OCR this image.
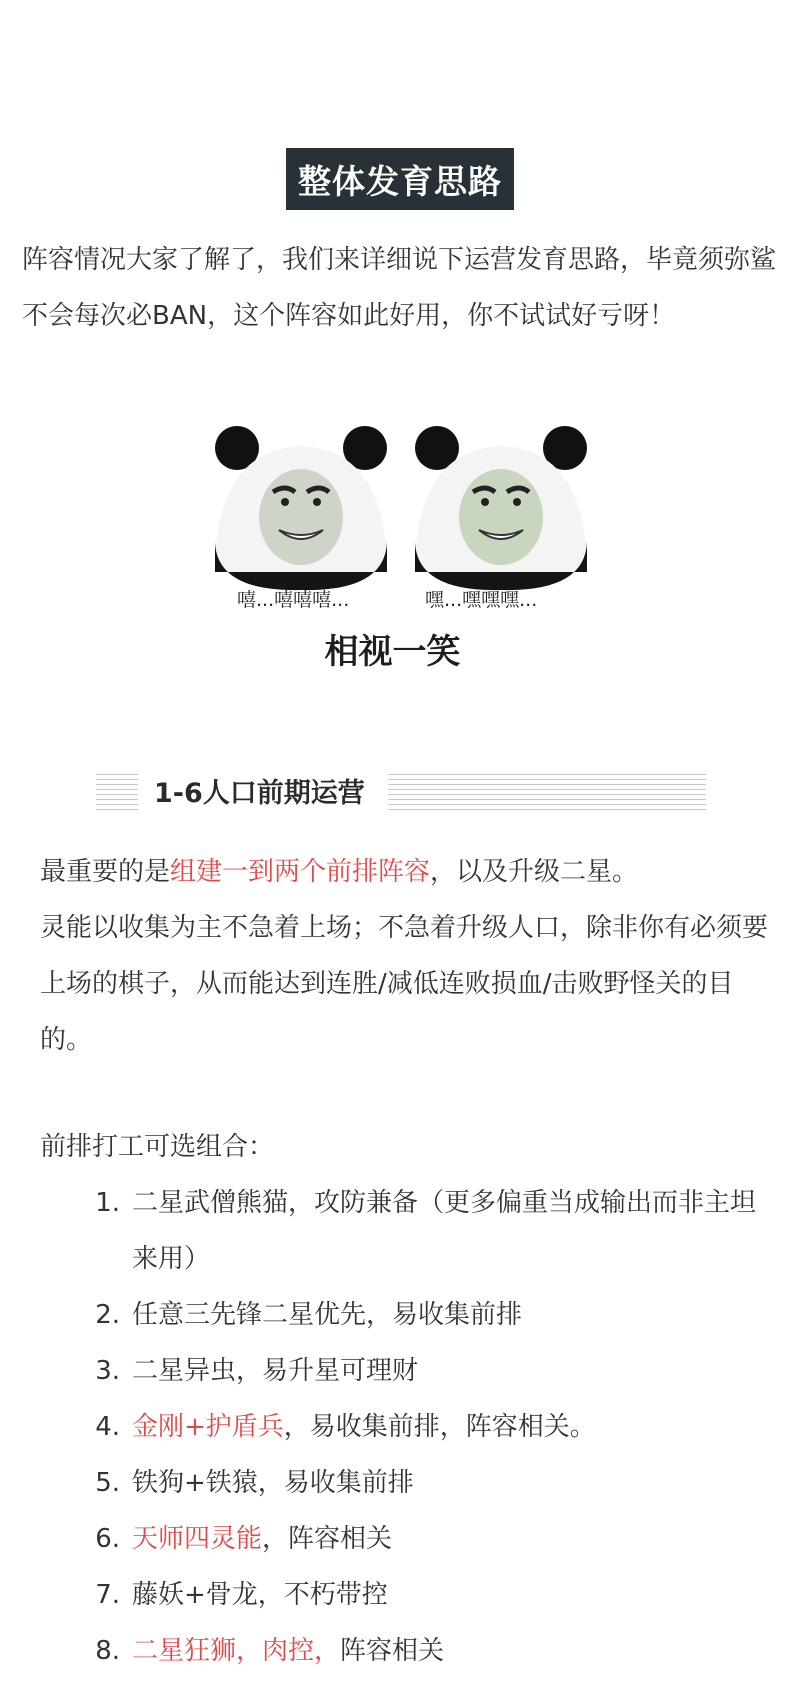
整体发育思路
阵容情况大家了解了，我们来详细说下运营发育思路，毕竟须弥鲨不会每次必BAN，这个阵容如此好用，你不试试好亏呀！
嘻...嘻嘻嘻...	嘿...嘿嘿嘿...
相视一笑
1-6人口前期运营
最重要的是组建一到两个前排阵容，以及升级二星。
灵能以收集为主不急着上场；不急着升级人口，除非你有必须要上场的棋子，从而能达到连胜/减低连败损血/击败野怪关的目的。
前排打工可选组合：
1. 二星武僧熊猫，攻防兼备（更多偏重当成输出而非主坦来用）
2. 任意三先锋二星优先，易收集前排
3. 二星异虫，易升星可理财
4. 金刚+护盾兵，易收集前排，阵容相关。
5. 铁狗+铁猿，易收集前排
6. 天师四灵能，阵容相关
7. 藤妖+骨龙，不朽带控
8. 二星狂狮，肉控，阵容相关
